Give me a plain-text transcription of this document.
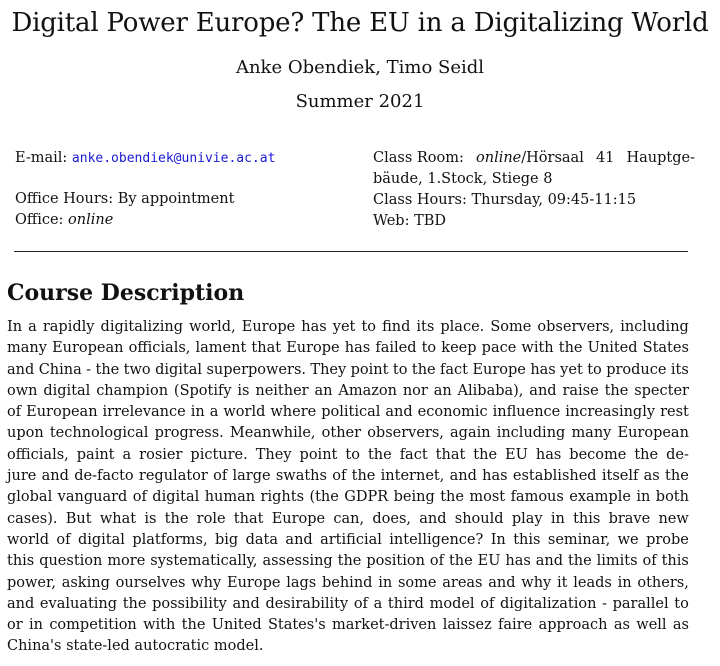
Digital Power Europe? The EU in a Digitalizing World
Anke Obendiek, Timo Seidl
Summer 2021
E-mail: anke.obendiek@univie.ac.at
Office Hours: By appointment
Office: online
Class Room: online/Hörsaal 41 Hauptge-
bäude, 1.Stock, Stiege 8
Class Hours: Thursday, 09:45-11:15
Web: TBD
Course Description
In a rapidly digitalizing world, Europe has yet to find its place. Some observers, including
many European officials, lament that Europe has failed to keep pace with the United States
and China - the two digital superpowers. They point to the fact Europe has yet to produce its
own digital champion (Spotify is neither an Amazon nor an Alibaba), and raise the specter
of European irrelevance in a world where political and economic influence increasingly rest
upon technological progress. Meanwhile, other observers, again including many European
officials, paint a rosier picture. They point to the fact that the EU has become the de-
jure and de-facto regulator of large swaths of the internet, and has established itself as the
global vanguard of digital human rights (the GDPR being the most famous example in both
cases). But what is the role that Europe can, does, and should play in this brave new
world of digital platforms, big data and artificial intelligence? In this seminar, we probe
this question more systematically, assessing the position of the EU has and the limits of this
power, asking ourselves why Europe lags behind in some areas and why it leads in others,
and evaluating the possibility and desirability of a third model of digitalization - parallel to
or in competition with the United States's market-driven laissez faire approach as well as
China's state-led autocratic model.
